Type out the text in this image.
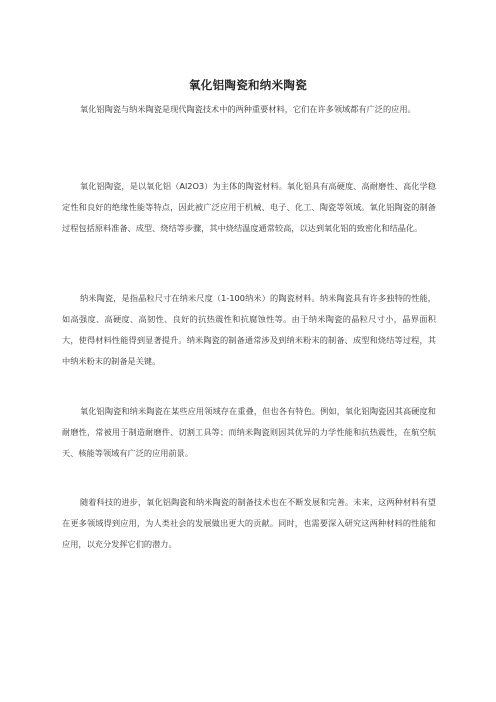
氧化铝陶瓷和纳米陶瓷

氧化铝陶瓷与纳米陶瓷是现代陶瓷技术中的两种重要材料，它们在许多领域都有广泛的应用。

氧化铝陶瓷，是以氧化铝（Al2O3）为主体的陶瓷材料。氧化铝具有高硬度、高耐磨性、高化学稳定性和良好的绝缘性能等特点，因此被广泛应用于机械、电子、化工、陶瓷等领域。氧化铝陶瓷的制备过程包括原料准备、成型、烧结等步骤，其中烧结温度通常较高，以达到氧化铝的致密化和结晶化。

纳米陶瓷，是指晶粒尺寸在纳米尺度（1-100纳米）的陶瓷材料。纳米陶瓷具有许多独特的性能，如高强度、高硬度、高韧性、良好的抗热震性和抗腐蚀性等。由于纳米陶瓷的晶粒尺寸小，晶界面积大，使得材料性能得到显著提升。纳米陶瓷的制备通常涉及到纳米粉末的制备、成型和烧结等过程，其中纳米粉末的制备是关键。

氧化铝陶瓷和纳米陶瓷在某些应用领域存在重叠，但也各有特色。例如，氧化铝陶瓷因其高硬度和耐磨性，常被用于制造耐磨件、切割工具等；而纳米陶瓷则因其优异的力学性能和抗热震性，在航空航天、核能等领域有广泛的应用前景。

随着科技的进步，氧化铝陶瓷和纳米陶瓷的制备技术也在不断发展和完善。未来，这两种材料有望在更多领域得到应用，为人类社会的发展做出更大的贡献。同时，也需要深入研究这两种材料的性能和应用，以充分发挥它们的潜力。
